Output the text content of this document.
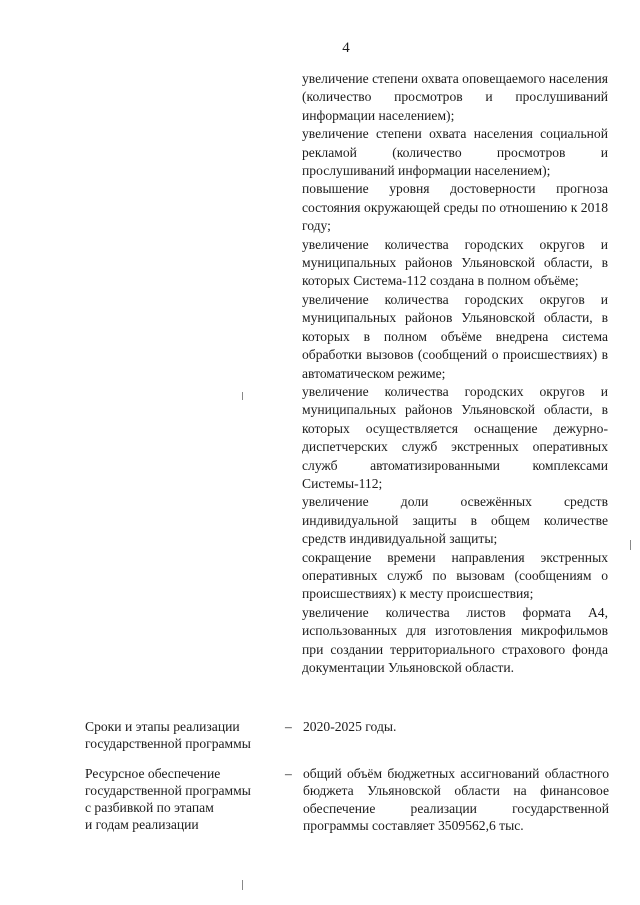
4

увеличение степени охвата оповещаемого населения (количество просмотров и прослушиваний информации населением);

увеличение степени охвата населения социальной рекламой (количество просмотров и прослушиваний информации населением);

повышение уровня достоверности прогноза состояния окружающей среды по отношению к 2018 году;

увеличение количества городских округов и муниципальных районов Ульяновской области, в которых Система-112 создана в полном объёме;

увеличение количества городских округов и муниципальных районов Ульяновской области, в которых в полном объёме внедрена система обработки вызовов (сообщений о происшествиях) в автоматическом режиме;

увеличение количества городских округов и муниципальных районов Ульяновской области, в которых осуществляется оснащение дежурно-диспетчерских служб экстренных оперативных служб автоматизированными комплексами Системы-112;

увеличение доли освежённых средств индивидуальной защиты в общем количестве средств индивидуальной защиты;

сокращение времени направления экстренных оперативных служб по вызовам (сообщениям о происшествиях) к месту происшествия;

увеличение количества листов формата А4, использованных для изготовления микрофильмов при создании территориального страхового фонда документации Ульяновской области.

Сроки и этапы реализации
государственной программы
– 2020-2025 годы.
Ресурсное обеспечение
государственной программы
с разбивкой по этапам
и годам реализации
– общий объём бюджетных ассигнований областного бюджета Ульяновской области на финансовое обеспечение реализации государственной программы составляет 3509562,6 тыс.
